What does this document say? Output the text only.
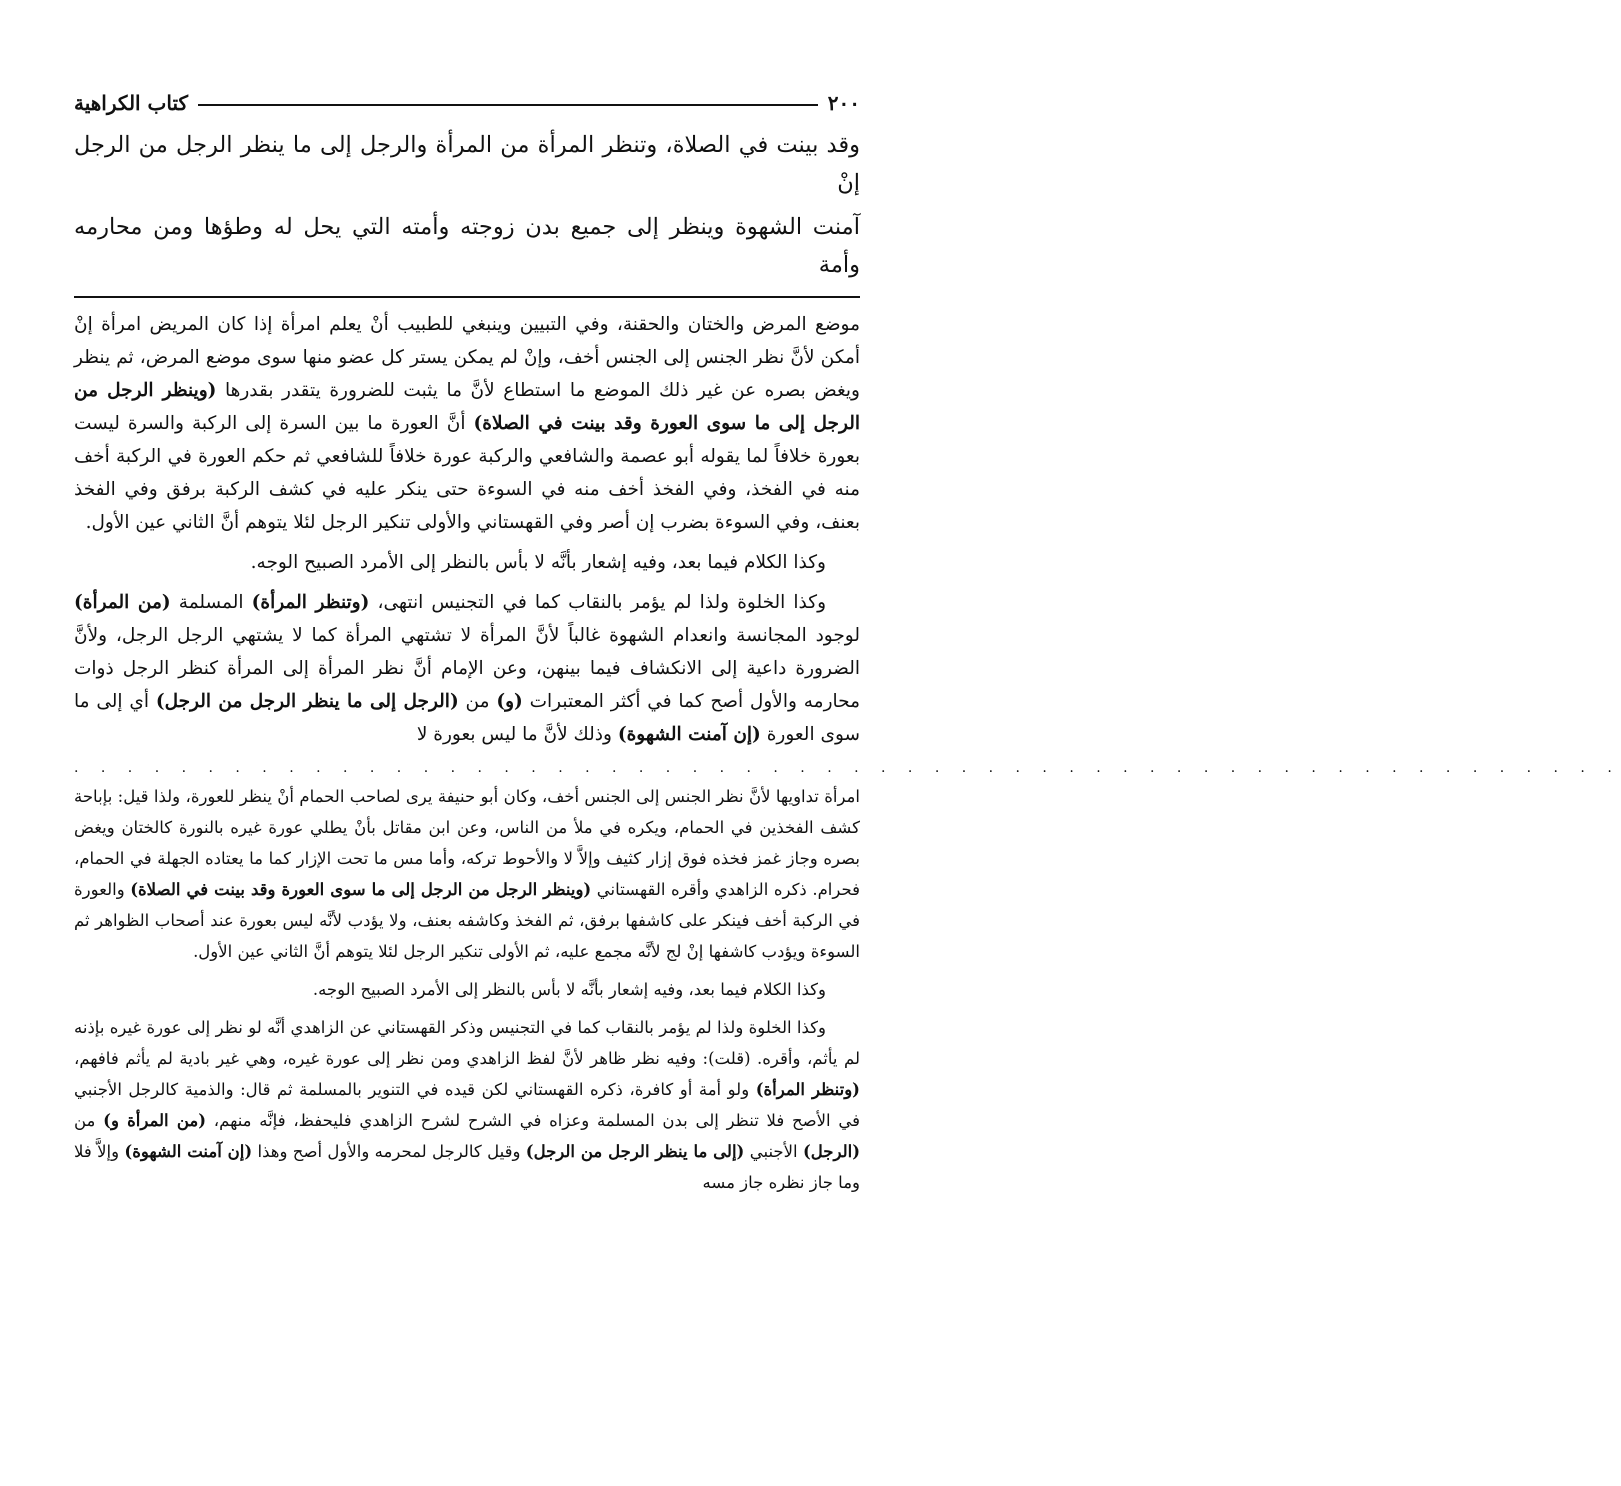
٢٠٠
كتاب الكراهية

وقد بينت في الصلاة، وتنظر المرأة من المرأة والرجل إلى ما ينظر الرجل من الرجل إنْ

آمنت الشهوة وينظر إلى جميع بدن زوجته وأمته التي يحل له وطؤها ومن محارمه وأمة

موضع المرض والختان والحقنة، وفي التبيين وينبغي للطبيب أنْ يعلم امرأة إذا كان المريض امرأة إنْ أمكن لأنَّ نظر الجنس إلى الجنس أخف، وإنْ لم يمكن يستر كل عضو منها سوى موضع المرض، ثم ينظر ويغض بصره عن غير ذلك الموضع ما استطاع لأنَّ ما يثبت للضرورة يتقدر بقدرها (وينظر الرجل من الرجل إلى ما سوى العورة وقد بينت في الصلاة) أنَّ العورة ما بين السرة إلى الركبة والسرة ليست بعورة خلافاً لما يقوله أبو عصمة والشافعي والركبة عورة خلافاً للشافعي ثم حكم العورة في الركبة أخف منه في الفخذ، وفي الفخذ أخف منه في السوءة حتى ينكر عليه في كشف الركبة برفق وفي الفخذ بعنف، وفي السوءة بضرب إن أصر وفي القهستاني والأولى تنكير الرجل لئلا يتوهم أنَّ الثاني عين الأول.

وكذا الكلام فيما بعد، وفيه إشعار بأنَّه لا بأس بالنظر إلى الأمرد الصبيح الوجه.

وكذا الخلوة ولذا لم يؤمر بالنقاب كما في التجنيس انتهى، (وتنظر المرأة) المسلمة (من المرأة) لوجود المجانسة وانعدام الشهوة غالباً لأنَّ المرأة لا تشتهي المرأة كما لا يشتهي الرجل الرجل، ولأنَّ الضرورة داعية إلى الانكشاف فيما بينهن، وعن الإمام أنَّ نظر المرأة إلى المرأة كنظر الرجل ذوات محارمه والأول أصح كما في أكثر المعتبرات (و) من (الرجل إلى ما ينظر الرجل من الرجل) أي إلى ما سوى العورة (إن آمنت الشهوة) وذلك لأنَّ ما ليس بعورة لا

. . . . . . . . . . . . . . . . . . . . . . . . . . . . . . . . . . . . . . . . . . . . . . . . . . . . . . . . . .

امرأة تداويها لأنَّ نظر الجنس إلى الجنس أخف، وكان أبو حنيفة يرى لصاحب الحمام أنْ ينظر للعورة، ولذا قيل: بإباحة كشف الفخذين في الحمام، ويكره في ملأ من الناس، وعن ابن مقاتل بأنْ يطلي عورة غيره بالنورة كالختان ويغض بصره وجاز غمز فخذه فوق إزار كثيف وإلاَّ لا والأحوط تركه، وأما مس ما تحت الإزار كما ما يعتاده الجهلة في الحمام، فحرام. ذكره الزاهدي وأقره القهستاني (وينظر الرجل من الرجل إلى ما سوى العورة وقد بينت في الصلاة) والعورة في الركبة أخف فينكر على كاشفها برفق، ثم الفخذ وكاشفه بعنف، ولا يؤدب لأنَّه ليس بعورة عند أصحاب الظواهر ثم السوءة ويؤدب كاشفها إنْ لج لأنَّه مجمع عليه، ثم الأولى تنكير الرجل لئلا يتوهم أنَّ الثاني عين الأول.

وكذا الكلام فيما بعد، وفيه إشعار بأنَّه لا بأس بالنظر إلى الأمرد الصبيح الوجه.

وكذا الخلوة ولذا لم يؤمر بالنقاب كما في التجنيس وذكر القهستاني عن الزاهدي أنَّه لو نظر إلى عورة غيره بإذنه لم يأثم، وأقره. (قلت): وفيه نظر ظاهر لأنَّ لفظ الزاهدي ومن نظر إلى عورة غيره، وهي غير بادية لم يأثم فافهم، (وتنظر المرأة) ولو أمة أو كافرة، ذكره القهستاني لكن قيده في التنوير بالمسلمة ثم قال: والذمية كالرجل الأجنبي في الأصح فلا تنظر إلى بدن المسلمة وعزاه في الشرح لشرح الزاهدي فليحفظ، فإنَّه منهم، (من المرأة و) من (الرجل) الأجنبي (إلى ما ينظر الرجل من الرجل) وقيل كالرجل لمحرمه والأول أصح وهذا (إن آمنت الشهوة) وإلاَّ فلا وما جاز نظره جاز مسه
